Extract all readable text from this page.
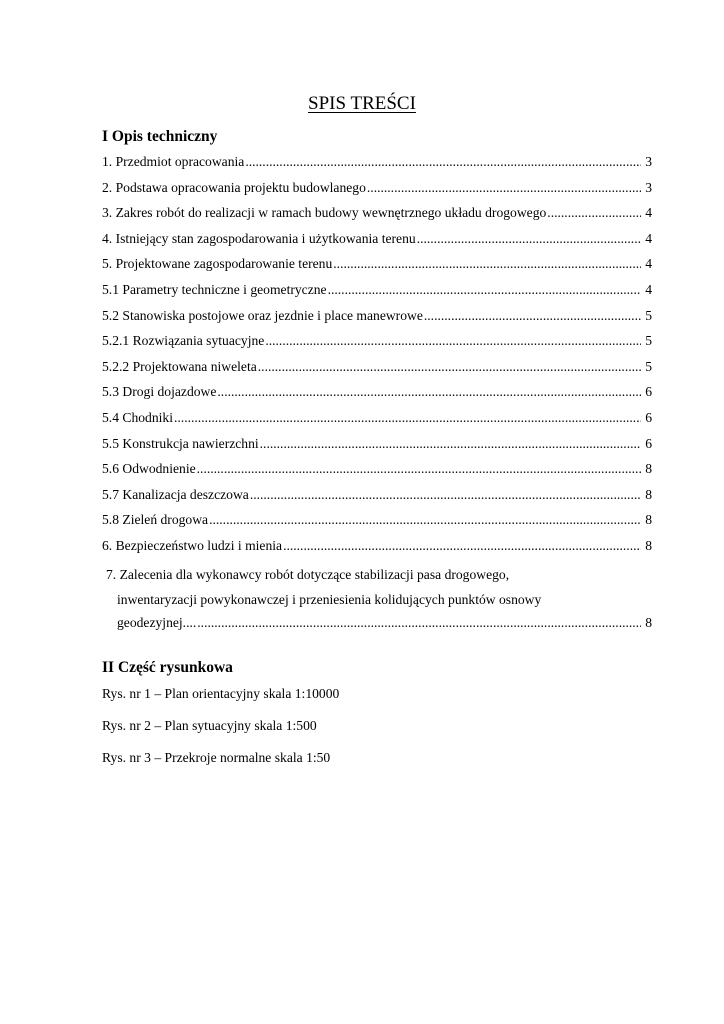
SPIS TREŚCI
I Opis techniczny
1. Przedmiot opracowania .....	3
2. Podstawa opracowania projektu budowlanego .....	3
3. Zakres robót do realizacji w ramach budowy wewnętrznego układu drogowego .....	4
4. Istniejący stan zagospodarowania i użytkowania terenu .....	4
5. Projektowane zagospodarowanie terenu .....	4
5.1 Parametry techniczne i geometryczne .....	4
5.2 Stanowiska postojowe oraz jezdnie i place manewrowe .....	5
5.2.1 Rozwiązania sytuacyjne .....	5
5.2.2 Projektowana niweleta .....	5
5.3 Drogi dojazdowe .....	6
5.4 Chodniki .....	6
5.5 Konstrukcja nawierzchni .....	6
5.6 Odwodnienie .....	8
5.7 Kanalizacja deszczowa .....	8
5.8 Zieleń drogowa .....	8
6. Bezpieczeństwo ludzi i mienia .....	8
7. Zalecenia dla wykonawcy robót dotyczące stabilizacji pasa drogowego,
inwentaryzacji powykonawczej i przeniesienia kolidujących punktów osnowy
geodezyjnej.... .....	8
II Część rysunkowa
Rys. nr 1 – Plan orientacyjny skala 1:10000
Rys. nr 2 – Plan sytuacyjny skala 1:500
Rys. nr 3 – Przekroje normalne skala 1:50
